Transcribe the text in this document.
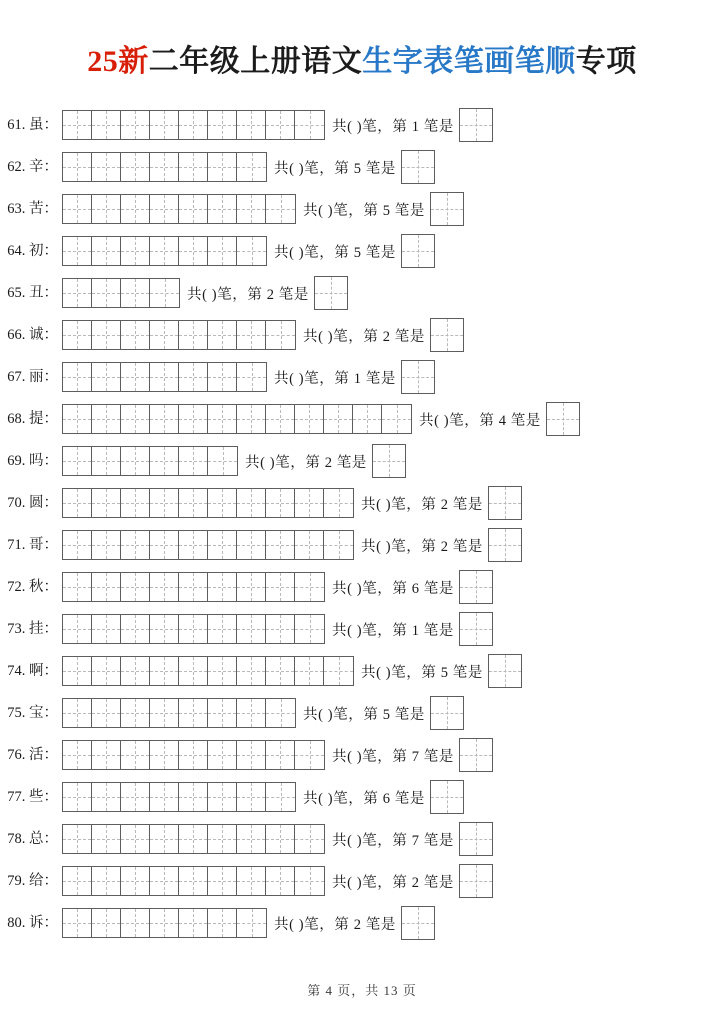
25新二年级上册语文生字表笔画笔顺专项
61. 虽：	共( )笔，第 1 笔是
62. 辛：	共( )笔，第 5 笔是
63. 苦：	共( )笔，第 5 笔是
64. 初：	共( )笔，第 5 笔是
65. 丑：	共( )笔，第 2 笔是
66. 诚：	共( )笔，第 2 笔是
67. 丽：	共( )笔，第 1 笔是
68. 提：	共( )笔，第 4 笔是
69. 吗：	共( )笔，第 2 笔是
70. 圆：	共( )笔，第 2 笔是
71. 哥：	共( )笔，第 2 笔是
72. 秋：	共( )笔，第 6 笔是
73. 挂：	共( )笔，第 1 笔是
74. 啊：	共( )笔，第 5 笔是
75. 宝：	共( )笔，第 5 笔是
76. 活：	共( )笔，第 7 笔是
77. 些：	共( )笔，第 6 笔是
78. 总：	共( )笔，第 7 笔是
79. 给：	共( )笔，第 2 笔是
80. 诉：	共( )笔，第 2 笔是
第 4 页，共 13 页
